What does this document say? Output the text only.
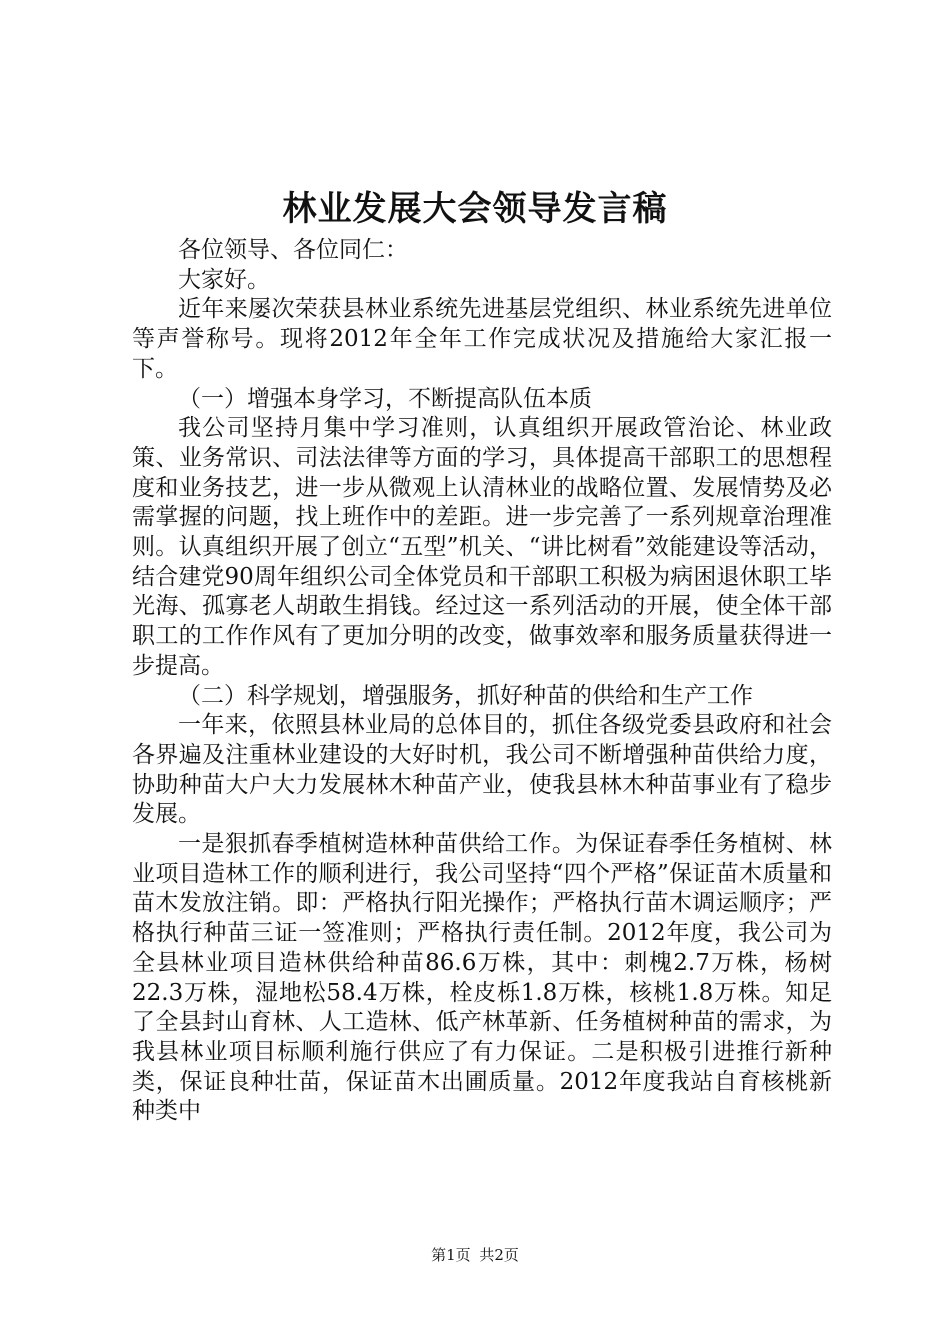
林业发展大会领导发言稿

各位领导、各位同仁：

大家好。

近年来屡次荣获县林业系统先进基层党组织、林业系统先进单位等声誉称号。现将2012年全年工作完成状况及措施给大家汇报一下。

（一）增强本身学习，不断提高队伍本质

我公司坚持月集中学习准则，认真组织开展政管治论、林业政策、业务常识、司法法律等方面的学习，具体提高干部职工的思想程度和业务技艺，进一步从微观上认清林业的战略位置、发展情势及必需掌握的问题，找上班作中的差距。进一步完善了一系列规章治理准则。认真组织开展了创立“五型”机关、“讲比树看”效能建设等活动，结合建党90周年组织公司全体党员和干部职工积极为病困退休职工毕光海、孤寡老人胡敢生捐钱。经过这一系列活动的开展，使全体干部职工的工作作风有了更加分明的改变，做事效率和服务质量获得进一步提高。

（二）科学规划，增强服务，抓好种苗的供给和生产工作

一年来，依照县林业局的总体目的，抓住各级党委县政府和社会各界遍及注重林业建设的大好时机，我公司不断增强种苗供给力度，协助种苗大户大力发展林木种苗产业，使我县林木种苗事业有了稳步发展。

一是狠抓春季植树造林种苗供给工作。为保证春季任务植树、林业项目造林工作的顺利进行，我公司坚持“四个严格”保证苗木质量和苗木发放注销。即：严格执行阳光操作；严格执行苗木调运顺序；严格执行种苗三证一签准则；严格执行责任制。2012年度，我公司为全县林业项目造林供给种苗86.6万株，其中：刺槐2.7万株，杨树22.3万株，湿地松58.4万株，栓皮栎1.8万株，核桃1.8万株。知足了全县封山育林、人工造林、低产林革新、任务植树种苗的需求，为我县林业项目标顺利施行供应了有力保证。二是积极引进推行新种类，保证良种壮苗，保证苗木出圃质量。2012年度我站自育核桃新种类中

第1页 共2页
